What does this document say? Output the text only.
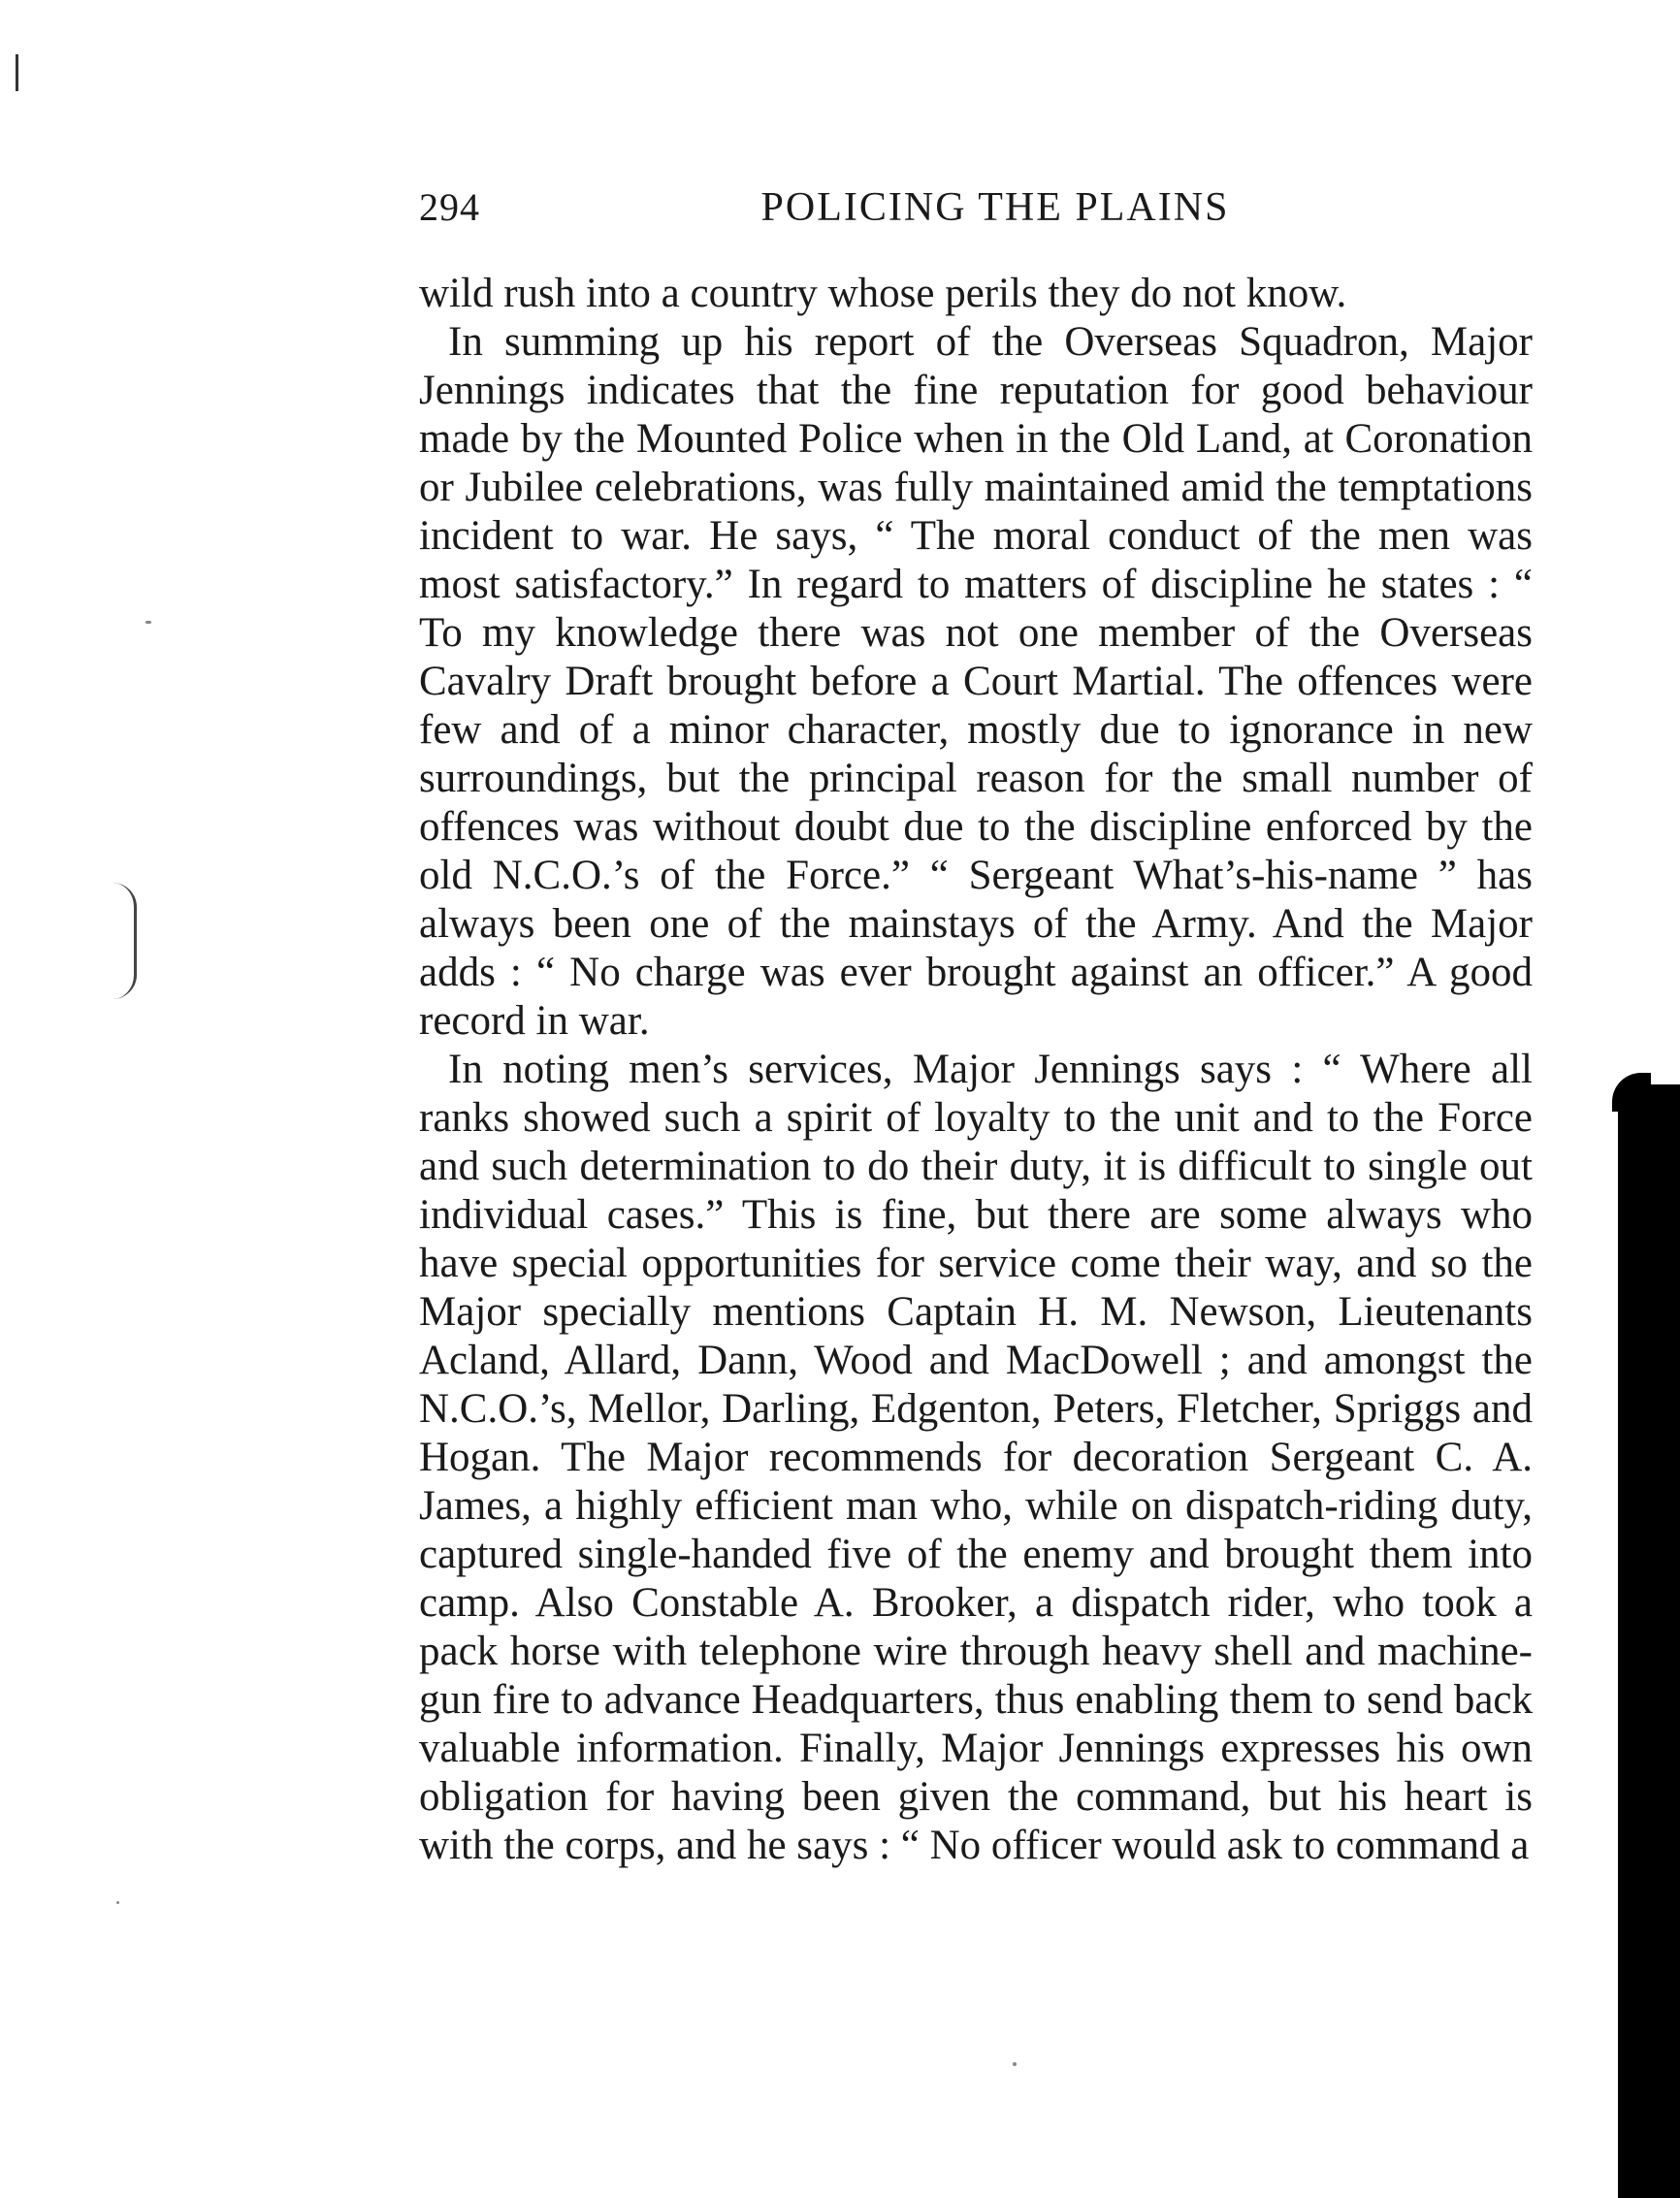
294	POLICING THE PLAINS

wild rush into a country whose perils they do not know.

In summing up his report of the Overseas Squadron, Major Jennings indicates that the fine reputation for good behaviour made by the Mounted Police when in the Old Land, at Coronation or Jubilee celebrations, was fully maintained amid the temptations incident to war. He says, “ The moral conduct of the men was most satisfactory.” In regard to matters of discipline he states : “ To my knowledge there was not one member of the Overseas Cavalry Draft brought before a Court Martial. The offences were few and of a minor character, mostly due to ignorance in new surroundings, but the principal reason for the small number of offences was without doubt due to the discipline enforced by the old N.C.O.’s of the Force.” “ Sergeant What’s-his-name ” has always been one of the mainstays of the Army. And the Major adds : “ No charge was ever brought against an officer.” A good record in war.

In noting men’s services, Major Jennings says : “ Where all ranks showed such a spirit of loyalty to the unit and to the Force and such determination to do their duty, it is difficult to single out individual cases.” This is fine, but there are some always who have special opportunities for service come their way, and so the Major specially mentions Captain H. M. Newson, Lieutenants Acland, Allard, Dann, Wood and MacDowell ; and amongst the N.C.O.’s, Mellor, Darling, Edgenton, Peters, Fletcher, Spriggs and Hogan. The Major recommends for decoration Sergeant C. A. James, a highly efficient man who, while on dispatch-riding duty, captured single-handed five of the enemy and brought them into camp. Also Constable A. Brooker, a dispatch rider, who took a pack horse with telephone wire through heavy shell and machine-gun fire to advance Headquarters, thus enabling them to send back valuable information. Finally, Major Jennings expresses his own obligation for having been given the command, but his heart is with the corps, and he says : “ No officer would ask to command a
